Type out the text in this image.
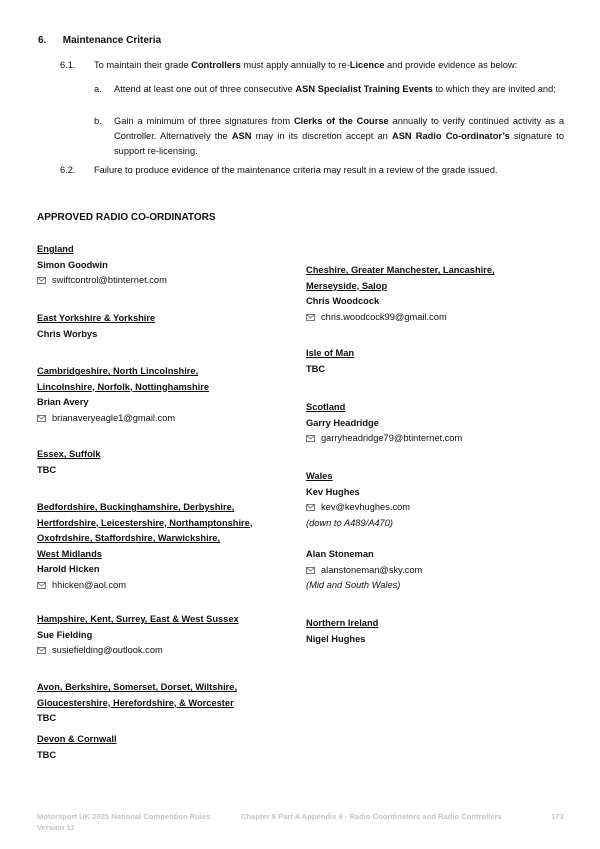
6. Maintenance Criteria
6.1. To maintain their grade Controllers must apply annually to re-Licence and provide evidence as below:
a. Attend at least one out of three consecutive ASN Specialist Training Events to which they are invited and;
b. Gain a minimum of three signatures from Clerks of the Course annually to verify continued activity as a Controller. Alternatively the ASN may in its discretion accept an ASN Radio Co-ordinator’s signature to support re-licensing.
6.2. Failure to produce evidence of the maintenance criteria may result in a review of the grade issued.
APPROVED RADIO CO-ORDINATORS
England
Simon Goodwin
swiftcontrol@btinternet.com
East Yorkshire & Yorkshire
Chris Worbys
Cambridgeshire, North Lincolnshire,
Lincolnshire, Norfolk, Nottinghamshire
Brian Avery
brianaveryeagle1@gmail.com
Essex, Suffolk
TBC
Bedfordshire, Buckinghamshire, Derbyshire,
Hertfordshire, Leicestershire, Northamptonshire,
Oxofrdshire, Staffordshire, Warwickshire,
West Midlands
Harold Hicken
hhicken@aol.com
Hampshire, Kent, Surrey, East & West Sussex
Sue Fielding
susiefielding@outlook.com
Avon, Berkshire, Somerset, Dorset, Wiltshire,
Gloucestershire, Herefordshire, & Worcester
TBC
Devon & Cornwall
TBC
Cheshire, Greater Manchester, Lancashire,
Merseyside, Salop
Chris Woodcock
chris.woodcock99@gmail.com
Isle of Man
TBC
Scotland
Garry Headridge
garryheadridge79@btinternet.com
Wales
Kev Hughes
kev@kevhughes.com
(down to A489/A470)
Alan Stoneman
alanstoneman@sky.com
(Mid and South Wales)
Northern Ireland
Nigel Hughes
Motorsport UK 2025 National Competition Rules
Version 11
Chapter 5 Part A Appendix 9 - Radio Coordinators and Radio Controllers	173
